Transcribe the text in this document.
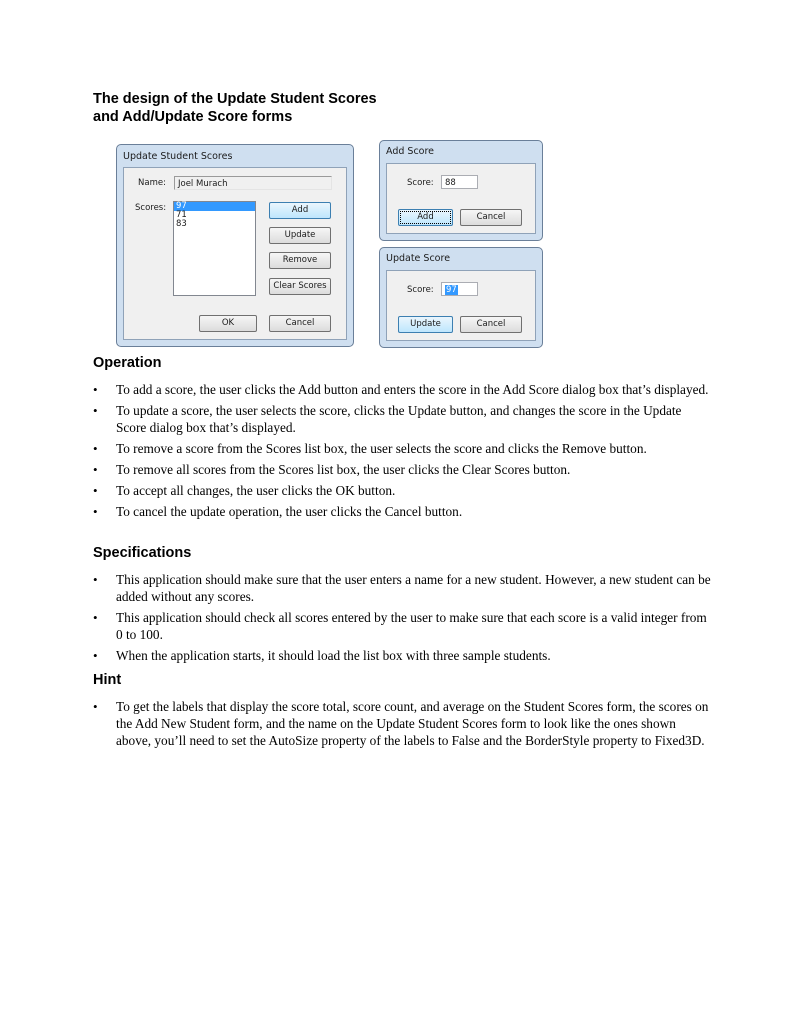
The design of the Update Student Scores
and Add/Update Score forms
Update Student Scores
Name:	Joel Murach
Scores: 97
71
83
Add
Update
Remove
Clear Scores
OK	Cancel
Add Score
Score:	88
Add	Cancel
Update Score
Score:	97
Update	Cancel
Operation
• To add a score, the user clicks the Add button and enters the score in the Add Score dialog box that’s displayed.
• To update a score, the user selects the score, clicks the Update button, and changes the score in the Update Score dialog box that’s displayed.
• To remove a score from the Scores list box, the user selects the score and clicks the Remove button.
• To remove all scores from the Scores list box, the user clicks the Clear Scores button.
• To accept all changes, the user clicks the OK button.
• To cancel the update operation, the user clicks the Cancel button.
Specifications
• This application should make sure that the user enters a name for a new student. However, a new student can be added without any scores.
• This application should check all scores entered by the user to make sure that each score is a valid integer from 0 to 100.
• When the application starts, it should load the list box with three sample students.
Hint
• To get the labels that display the score total, score count, and average on the Student Scores form, the scores on the Add New Student form, and the name on the Update Student Scores form to look like the ones shown above, you’ll need to set the AutoSize property of the labels to False and the BorderStyle property to Fixed3D.
